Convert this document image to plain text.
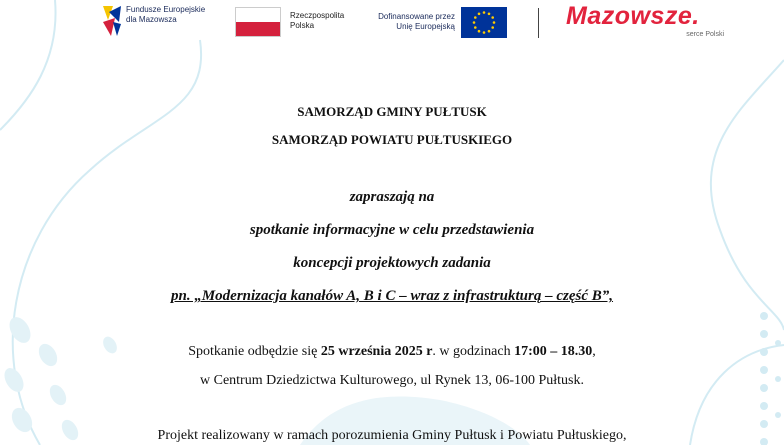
Fundusze Europejskie
dla Mazowsza	Rzeczpospolita
Polska
Dofinansowane przez
Unię Europejską	Mazowsze.
serce Polski
SAMORZĄD GMINY PUŁTUSK
SAMORZĄD POWIATU PUŁTUSKIEGO
zapraszają na
spotkanie informacyjne w celu przedstawienia
koncepcji projektowych zadania
pn. „Modernizacja kanałów A, B i C – wraz z infrastrukturą – część B”,
Spotkanie odbędzie się 25 września 2025 r. w godzinach 17:00 – 18.30,
w Centrum Dziedzictwa Kulturowego, ul Rynek 13, 06-100 Pułtusk.
Projekt realizowany w ramach porozumienia Gminy Pułtusk i Powiatu Pułtuskiego,
